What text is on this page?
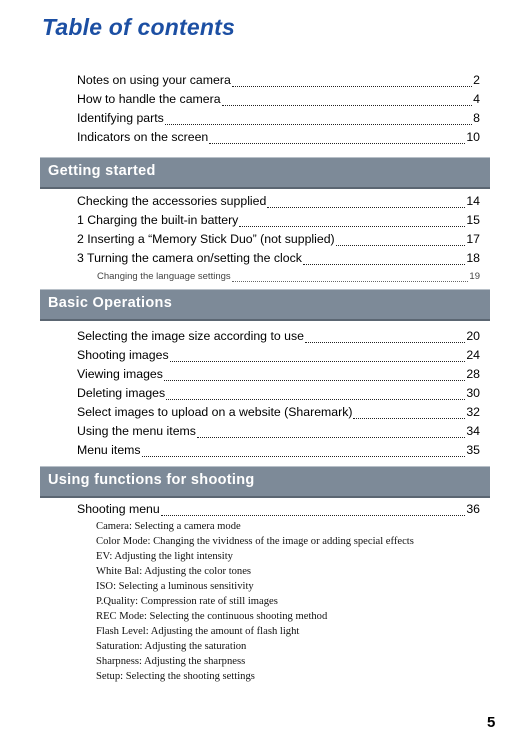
Table of contents
Notes on using your camera	2
How to handle the camera	4
Identifying parts	8
Indicators on the screen	10
Getting started
Checking the accessories supplied	14
1 Charging the built-in battery	15
2 Inserting a “Memory Stick Duo” (not supplied)	17
3 Turning the camera on/setting the clock	18
Changing the language settings	19
Basic Operations
Selecting the image size according to use	20
Shooting images	24
Viewing images	28
Deleting images	30
Select images to upload on a website (Sharemark)	32
Using the menu items	34
Menu items	35
Using functions for shooting
Shooting menu	36
Camera: Selecting a camera mode
Color Mode: Changing the vividness of the image or adding special effects
EV: Adjusting the light intensity
White Bal: Adjusting the color tones
ISO: Selecting a luminous sensitivity
P.Quality: Compression rate of still images
REC Mode: Selecting the continuous shooting method
Flash Level: Adjusting the amount of flash light
Saturation: Adjusting the saturation
Sharpness: Adjusting the sharpness
Setup: Selecting the shooting settings
5
